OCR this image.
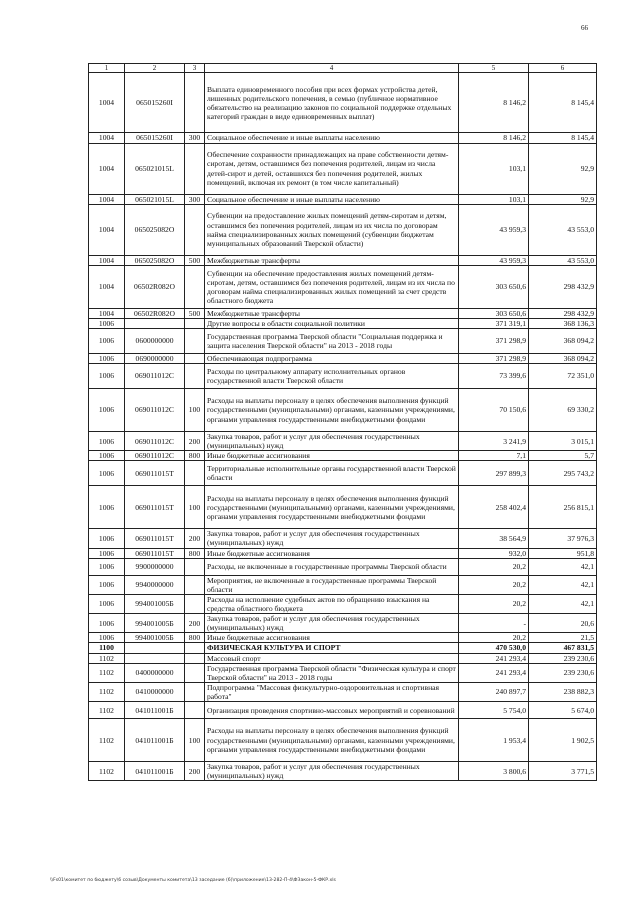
66
1	2	3	4	5	6
1004	065015260I		Выплата единовременного пособия при всех формах устройства детей, лишенных родительского попечения, в семью (публичное нормативное обязательство на реализацию законов по социальной поддержке отдельных категорий граждан в виде единовременных выплат)	8 146,2	8 145,4
1004	065015260I	300	Социальное обеспечение и иные выплаты населению	8 146,2	8 145,4
1004	065021015L		Обеспечение сохранности принадлежащих на праве собственности детям-сиротам, детям, оставшимся без попечения родителей, лицам из числа детей-сирот и детей, оставшихся без попечения родителей, жилых помещений, включая их ремонт (в том числе капитальный)	103,1	92,9
1004	065021015L	300	Социальное обеспечение и иные выплаты населению	103,1	92,9
1004	065025082O		Субвенции на предоставление жилых помещений детям-сиротам и детям, оставшимся без попечения родителей, лицам из их числа по договорам найма специализированных жилых помещений (субвенции бюджетам муниципальных образований Тверской области)	43 959,3	43 553,0
1004	065025082O	500	Межбюджетные трансферты	43 959,3	43 553,0
1004	06502R082O		Субвенции на обеспечение предоставления жилых помещений детям-сиротам, детям, оставшимся без попечения родителей, лицам из их числа по договорам найма специализированных жилых помещений за счет средств областного бюджета	303 650,6	298 432,9
1004	06502R082O	500	Межбюджетные трансферты	303 650,6	298 432,9
1006			Другие вопросы в области социальной политики	371 319,1	368 136,3
1006	0600000000		Государственная программа Тверской области "Социальная поддержка и защита населения Тверской области" на 2013 - 2018 годы	371 298,9	368 094,2
1006	0690000000		Обеспечивающая подпрограмма	371 298,9	368 094,2
1006	069011012С		Расходы по центральному аппарату исполнительных органов государственной власти Тверской области	73 399,6	72 351,0
1006	069011012С	100	Расходы на выплаты персоналу в целях обеспечения выполнения функций государственными (муниципальными) органами, казенными учреждениями, органами управления государственными внебюджетными фондами	70 150,6	69 330,2
1006	069011012С	200	Закупка товаров, работ и услуг для обеспечения государственных (муниципальных) нужд	3 241,9	3 015,1
1006	069011012С	800	Иные бюджетные ассигнования	7,1	5,7
1006	069011015Т		Территориальные исполнительные органы государственной власти Тверской области	297 899,3	295 743,2
1006	069011015Т	100	Расходы на выплаты персоналу в целях обеспечения выполнения функций государственными (муниципальными) органами, казенными учреждениями, органами управления государственными внебюджетными фондами	258 402,4	256 815,1
1006	069011015Т	200	Закупка товаров, работ и услуг для обеспечения государственных (муниципальных) нужд	38 564,9	37 976,3
1006	069011015Т	800	Иные бюджетные ассигнования	932,0	951,8
1006	9900000000		Расходы, не включенные в государственные программы Тверской области	20,2	42,1
1006	9940000000		Мероприятия, не включенные в государственные программы Тверской области	20,2	42,1
1006	994001005Б		Расходы на исполнение судебных актов по обращению взыскания на средства областного бюджета	20,2	42,1
1006	994001005Б	200	Закупка товаров, работ и услуг для обеспечения государственных (муниципальных) нужд	-	20,6
1006	994001005Б	800	Иные бюджетные ассигнования	20,2	21,5
1100			ФИЗИЧЕСКАЯ КУЛЬТУРА И СПОРТ	470 530,0	467 831,5
1102			Массовый спорт	241 293,4	239 230,6
1102	0400000000		Государственная программа Тверской области "Физическая культура и спорт Тверской области" на 2013 - 2018 годы	241 293,4	239 230,6
1102	0410000000		Подпрограмма "Массовая физкультурно-оздоровительная и спортивная работа"	240 897,7	238 882,3
1102	041011001Б		Организация проведения спортивно-массовых мероприятий и соревнований	5 754,0	5 674,0
1102	041011001Б	100	Расходы на выплаты персоналу в целях обеспечения выполнения функций государственными (муниципальными) органами, казенными учреждениями, органами управления государственными внебюджетными фондами	1 953,4	1 902,5
1102	041011001Б	200	Закупка товаров, работ и услуг для обеспечения государственных (муниципальных) нужд	3 800,6	3 771,5
\\Fs01\комитет по бюджету\6 созыв\Документы комитета\13 заседание (6)\приложение\13-282-П-4\ФЗакон-5-ФКР.xls
